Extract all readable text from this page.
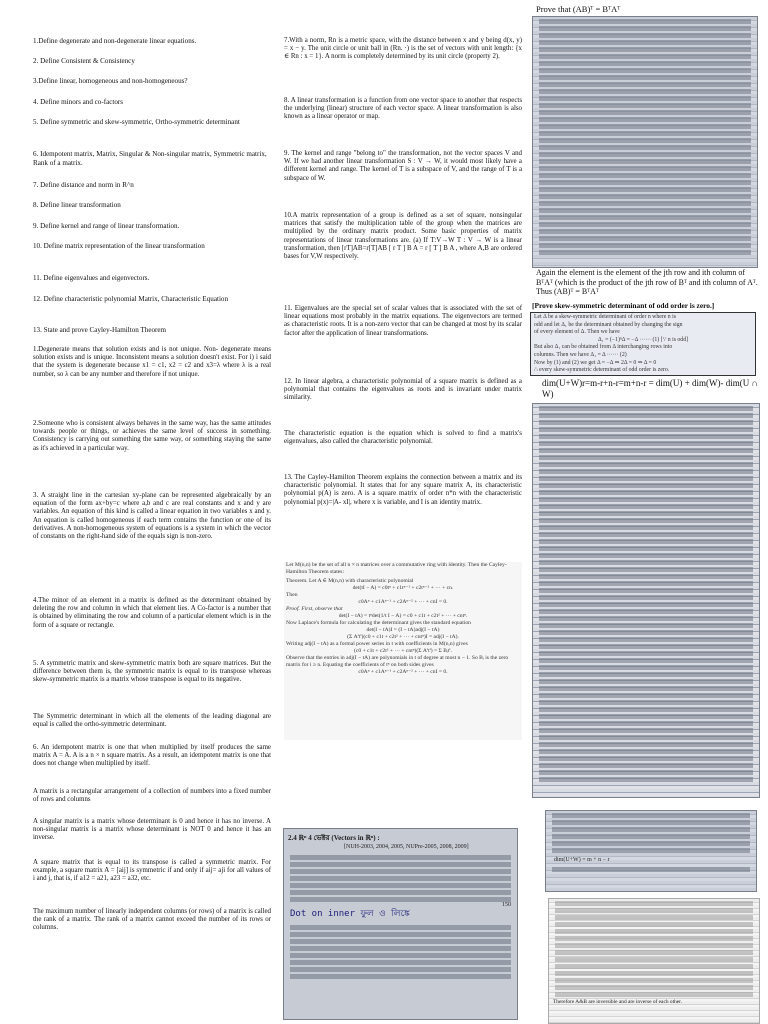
1.Define degenerate and non-degenerate linear equations.
2. Define Consistent & Consistency
3.Define linear, homogeneous and non-homogeneous?
4. Define minors and co-factors
5. Define symmetric and skew-symmetric, Ortho-symmetric determinant
6. Idempotent matrix, Matrix, Singular & Non-singular matrix, Symmetric matrix, Rank of a matrix.
7. Define distance and norm in R^n
8. Define linear transformation
9. Define kernel and range of linear transformation.
10. Define matrix representation of the linear transformation
11. Define eigenvalues and eigenvectors.
12. Define characteristic polynomial Matrix, Characteristic Equation
13. State and prove Cayley-Hamilton Theorem
1.Degenerate means that solution exists and is not unique. Non- degenerate means solution exists and is unique. Inconsistent means a solution doesn't exist. For i) i said that the system is degenerate because x1 = c1, x2 = c2 and x3=λ where λ is a real number, so λ can be any number and therefore if not unique.
2.Someone who is consistent always behaves in the same way, has the same attitudes towards people or things, or achieves the same level of success in something. Consistency is carrying out something the same way, or something staying the same as it's achieved in a particular way.
3. A straight line in the cartesian xy-plane can be represented algebraically by an equation of the form ax+by=c where a,b and c are real constants and x and y are variables. An equation of this kind is called a linear equation in two variables x and y. An equation is called homogeneous if each term contains the function or one of its derivatives. A non-homogeneous system of equations is a system in which the vector of constants on the right-hand side of the equals sign is non-zero.
4.The minor of an element in a matrix is defined as the determinant obtained by deleting the row and column in which that element lies. A Co-factor is a number that is obtained by eliminating the row and column of a particular element which is in the form of a square or rectangle.
5. A symmetric matrix and skew-symmetric matrix both are square matrices. But the difference between them is, the symmetric matrix is equal to its transpose whereas skew-symmetric matrix is a matrix whose transpose is equal to its negative.
The Symmetric determinant in which all the elements of the leading diagonal are equal is called the ortho-symmetric determinant.
6. An idempotent matrix is one that when multiplied by itself produces the same matrix A = A. A is a n × n square matrix. As a result, an idempotent matrix is one that does not change when multiplied by itself.
A matrix is a rectangular arrangement of a collection of numbers into a fixed number of rows and columns
A singular matrix is a matrix whose determinant is 0 and hence it has no inverse. A non-singular matrix is a matrix whose determinant is NOT 0 and hence it has an inverse.
A square matrix that is equal to its transpose is called a symmetric matrix. For example, a square matrix A = [aij] is symmetric if and only if aij= aji for all values of i and j, that is, if a12 = a21, a23 = a32, etc.
The maximum number of linearly independent columns (or rows) of a matrix is called the rank of a matrix. The rank of a matrix cannot exceed the number of its rows or columns.
7.With a norm, Rn is a metric space, with the distance between x and y being d(x, y) = x − y. The unit circle or unit ball in (Rn. ·) is the set of vectors with unit length: {x ∈ Rn : x = 1}. A norm is completely determined by its unit circle (property 2).
8. A linear transformation is a function from one vector space to another that respects the underlying (linear) structure of each vector space. A linear transformation is also known as a linear operator or map.
9. The kernel and range "belong to" the transformation, not the vector spaces V and W. If we had another linear transformation S : V → W, it would most likely have a different kernel and range. The kernel of T is a subspace of V, and the range of T is a subspace of W.
10.A matrix representation of a group is defined as a set of square, nonsingular matrices that satisfy the multiplication table of the group when the matrices are multiplied by the ordinary matrix product. Some basic properties of matrix representations of linear transformations are. (a) If T:V→W T : V → W is a linear transformation, then [rT]AB=r[T]AB [ r T ] B A = r [ T ] B A , where A,B are ordered bases for V,W respectively.
11. Eigenvalues are the special set of scalar values that is associated with the set of linear equations most probably in the matrix equations. The eigenvectors are termed as characteristic roots. It is a non-zero vector that can be changed at most by its scalar factor after the application of linear transformations.
12. In linear algebra, a characteristic polynomial of a square matrix is defined as a polynomial that contains the eigenvalues as roots and is invariant under matrix similarity.
The characteristic equation is the equation which is solved to find a matrix's eigenvalues, also called the characteristic polynomial.
13. The Cayley-Hamilton Theorem explains the connection between a matrix and its characteristic polynomial. It states that for any square matrix A, its characteristic polynomial p(A) is zero. A is a square matrix of order n*n with the characteristic polynomial p(x)=|A- xI|, where x is variable, and I is an identity matrix.
Let M(n,n) be the set of all n × n matrices over a commutative ring with identity. Then the Cayley-Hamilton Theorem states:
Theorem. Let A ∈ M(n,n) with characteristic polynomial
det(tI − A) = c0tⁿ + c1tⁿ⁻¹ + c2tⁿ⁻² + ··· + cn.
Then
c0Aⁿ + c1Aⁿ⁻¹ + c2Aⁿ⁻² + ··· + cnI = 0.
Proof. First, observe that
det(I − tA) = tⁿdet(1/t I − A) = c0 + c1t + c2t² + ··· + cntⁿ.
Now Laplace's formula for calculating the determinant gives the standard equation
det(I − tA)I = (I − tA)adj(I − tA)
(Σ Aⁱtⁱ)(c0 + c1t + c2t² + ··· + cntⁿ)I = adj(I − tA).
Writing adj(I − tA) as a formal power series in t with coefficients in M(n,n) gives
(c0 + c1t + c2t² + ··· + cntⁿ)(Σ Aⁱtⁱ) = Σ Bᵢtⁱ.
Observe that the entries in adj(I − tA) are polynomials in t of degree at most n − 1. So Bᵢ is the zero matrix for i ≥ n. Equating the coefficients of tⁿ on both sides gives
c0Aⁿ + c1Aⁿ⁻¹ + c2Aⁿ⁻² + ··· + cnI = 0.
2.4 ℝⁿ 4 ভেক্টর (Vectors in ℝⁿ) :
[NUH-2003, 2004, 2005, NUPre-2005, 2008, 2009]
Dot on inner ফুল ও লিঙ্কে
150
Prove that (AB)ᵀ = BᵀAᵀ
Again the element is the element of the jth row and ith column of BᵀAᵀ (which is the product of the jth row of Bᵀ and ith column of Aᵀ. Thus (AB)ᵀ = BᵀAᵀ
[Prove skew-symmetric determinant of odd order is zero.]
Let Δ be a skew-symmetric determinant of order n where n is
odd and let Δ₁ be the determinant obtained by changing the sign
of every element of Δ. Then we have
Δ₁ = (−1)ⁿΔ = −Δ ······ (1) [∵ n is odd]
But also Δ₁ can be obtained from Δ interchanging rows into
columns. Then we have Δ₁ = Δ ······ (2)
Now by (1) and (2) we get Δ = −Δ ⇒ 2Δ = 0 ⇒ Δ = 0
∴ every skew-symmetric determinant of odd order is zero.
dim(U+W)r=m-r+n-r=m+n-r = dim(U) + dim(W)- dim(U ∩ W)
dim(U+W) = m + n − r
Therefore A&B are inversible and are inverse of each other.
